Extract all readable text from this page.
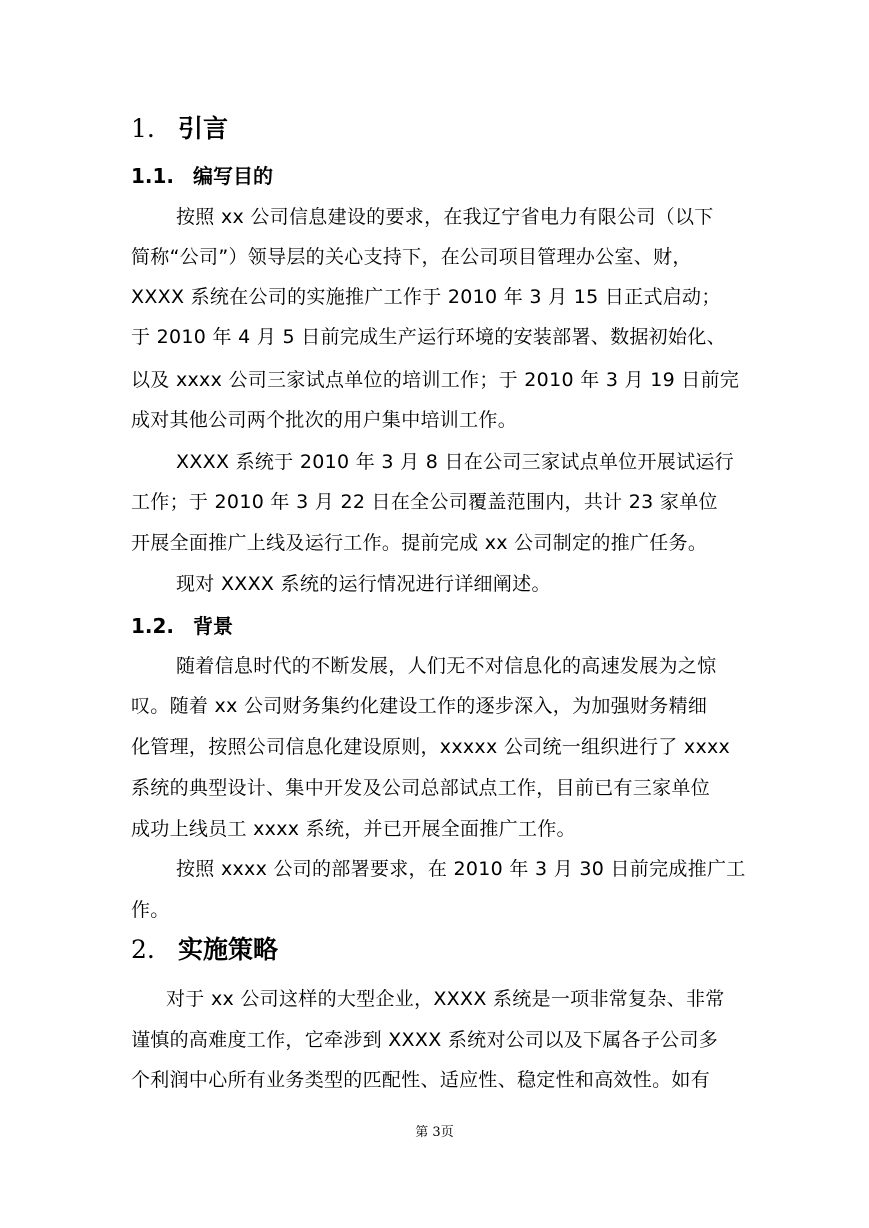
1. 引言
1.1. 编写目的
按照 xx 公司信息建设的要求，在我辽宁省电力有限公司（以下
简称“公司”）领导层的关心支持下，在公司项目管理办公室、财，
XXXX 系统在公司的实施推广工作于 2010 年 3 月 15 日正式启动；
于 2010 年 4 月 5 日前完成生产运行环境的安装部署、数据初始化、
以及 xxxx 公司三家试点单位的培训工作；于 2010 年 3 月 19 日前完
成对其他公司两个批次的用户集中培训工作。
XXXX 系统于 2010 年 3 月 8 日在公司三家试点单位开展试运行
工作；于 2010 年 3 月 22 日在全公司覆盖范围内，共计 23 家单位
开展全面推广上线及运行工作。提前完成 xx 公司制定的推广任务。
现对 XXXX 系统的运行情况进行详细阐述。
1.2. 背景
随着信息时代的不断发展，人们无不对信息化的高速发展为之惊
叹。随着 xx 公司财务集约化建设工作的逐步深入，为加强财务精细
化管理，按照公司信息化建设原则，xxxxx 公司统一组织进行了 xxxx
系统的典型设计、集中开发及公司总部试点工作，目前已有三家单位
成功上线员工 xxxx 系统，并已开展全面推广工作。
按照 xxxx 公司的部署要求，在 2010 年 3 月 30 日前完成推广工
作。
2. 实施策略
对于 xx 公司这样的大型企业，XXXX 系统是一项非常复杂、非常
谨慎的高难度工作，它牵涉到 XXXX 系统对公司以及下属各子公司多
个利润中心所有业务类型的匹配性、适应性、稳定性和高效性。如有
第 3页
